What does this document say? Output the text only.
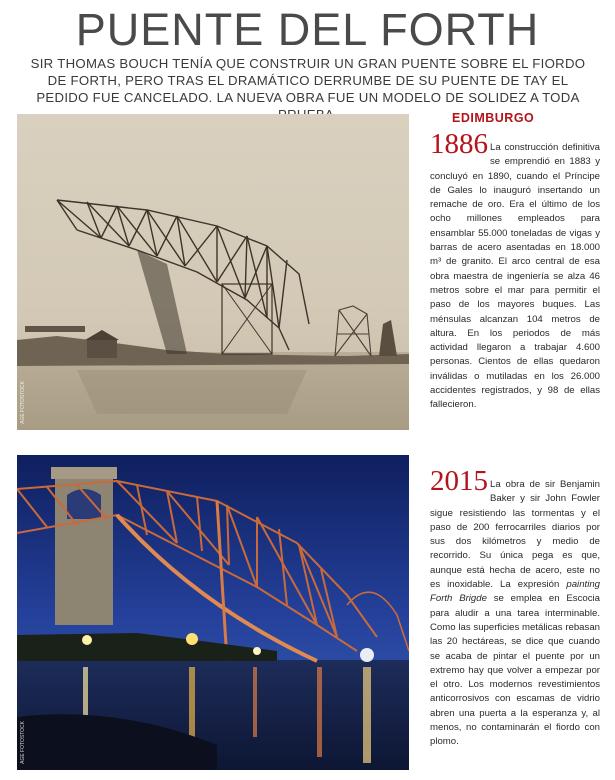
PUENTE DEL FORTH

SIR THOMAS BOUCH TENÍA QUE CONSTRUIR UN GRAN PUENTE SOBRE EL FIORDO DE FORTH, PERO TRAS EL DRAMÁTICO DERRUMBE DE SU PUENTE DE TAY EL PEDIDO FUE CANCELADO. LA NUEVA OBRA FUE UN MODELO DE SOLIDEZ A TODA

AGE FOTOSTOCK
AGE FOTOSTOCK
EDIMBURGO
1886 La construcción definitiva se emprendió en 1883 y concluyó en 1890, cuando el Príncipe de Gales lo inauguró insertando un remache de oro. Era el último de los ocho millones empleados para ensamblar 55.000 toneladas de vigas y barras de acero asentadas en 18.000 m³ de granito. El arco central de esa obra maestra de ingeniería se alza 46 metros sobre el mar para permitir el paso de los mayores buques. Las ménsulas alcanzan 104 metros de altura. En los periodos de más actividad llegaron a trabajar 4.600 personas. Cientos de ellas quedaron inválidas o mutiladas en los 26.000 accidentes registrados, y 98 de ellas fallecieron.
2015 La obra de sir Benjamin Baker y sir John Fowler sigue resistiendo las tormentas y el paso de 200 ferrocarriles diarios por sus dos kilómetros y medio de recorrido. Su única pega es que, aunque está hecha de acero, este no es inoxidable. La expresión painting Forth Brigde se emplea en Escocia para aludir a una tarea interminable. Como las superficies metálicas rebasan las 20 hectáreas, se dice que cuando se acaba de pintar el puente por un extremo hay que volver a empezar por el otro. Los modernos revestimientos anticorrosivos con escamas de vidrio abren una puerta a la esperanza y, al menos, no contaminarán el fiordo con plomo.
